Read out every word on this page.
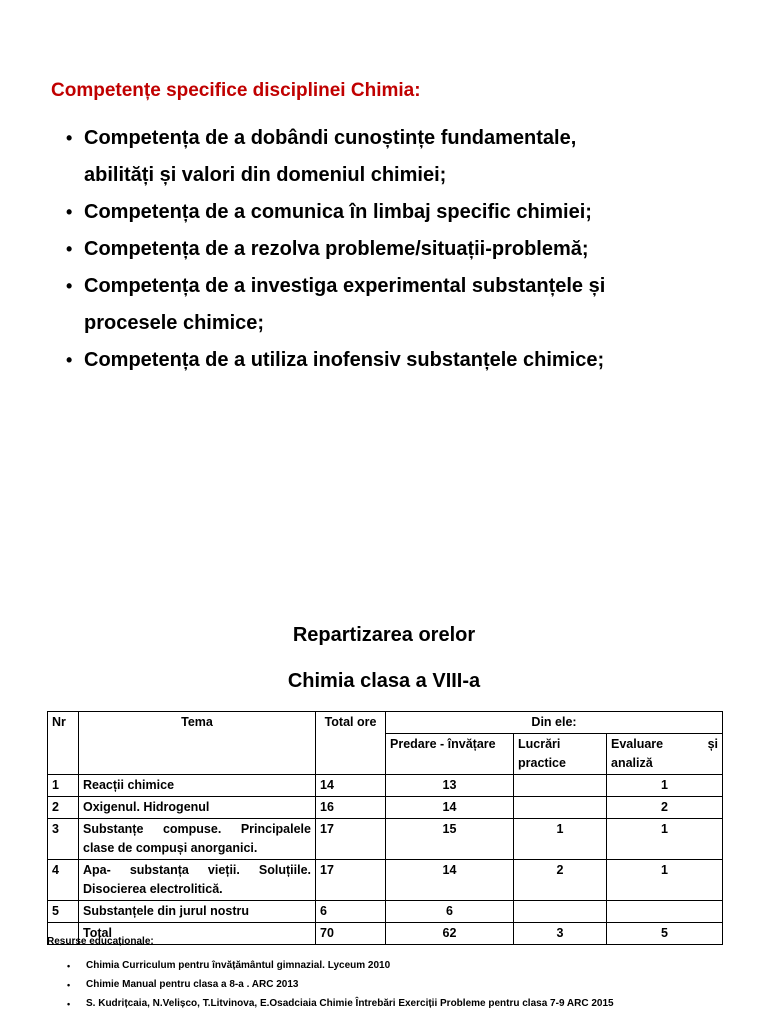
Competențe specifice disciplinei Chimia:
• Competența de a dobândi cunoștințe fundamentale,
abilități și valori din domeniul chimiei;
• Competența de a comunica în limbaj specific chimiei;
• Competența de a rezolva probleme/situații-problemă;
• Competența de a investiga experimental substanțele și
procesele chimice;
• Competența de a utiliza inofensiv substanțele chimice;
Repartizarea orelor
Chimia clasa a VIII-a
Nr	Tema	Total ore	Din ele:		
			Predare - învățare	Lucrări practice	Evaluare și analiză
1	Reacții chimice	14	13		1
2	Oxigenul. Hidrogenul	16	14		2
3	Substanțe compuse. Principalele clase de compuși anorganici.	17	15	1	1
4	Apa- substanța vieții. Soluțiile. Disocierea electrolitică.	17	14	2	1
5	Substanțele din jurul nostru	6	6		
	Total	70	62	3	5
Resurse educaționale:
• Chimia Curriculum pentru învățământul gimnazial. Lyceum 2010
• Chimie Manual pentru clasa a 8-a . ARC 2013
• S. Kudrițcaia, N.Velișco, T.Litvinova, E.Osadciaia Chimie Întrebări Exerciții Probleme pentru clasa 7-9 ARC 2015
